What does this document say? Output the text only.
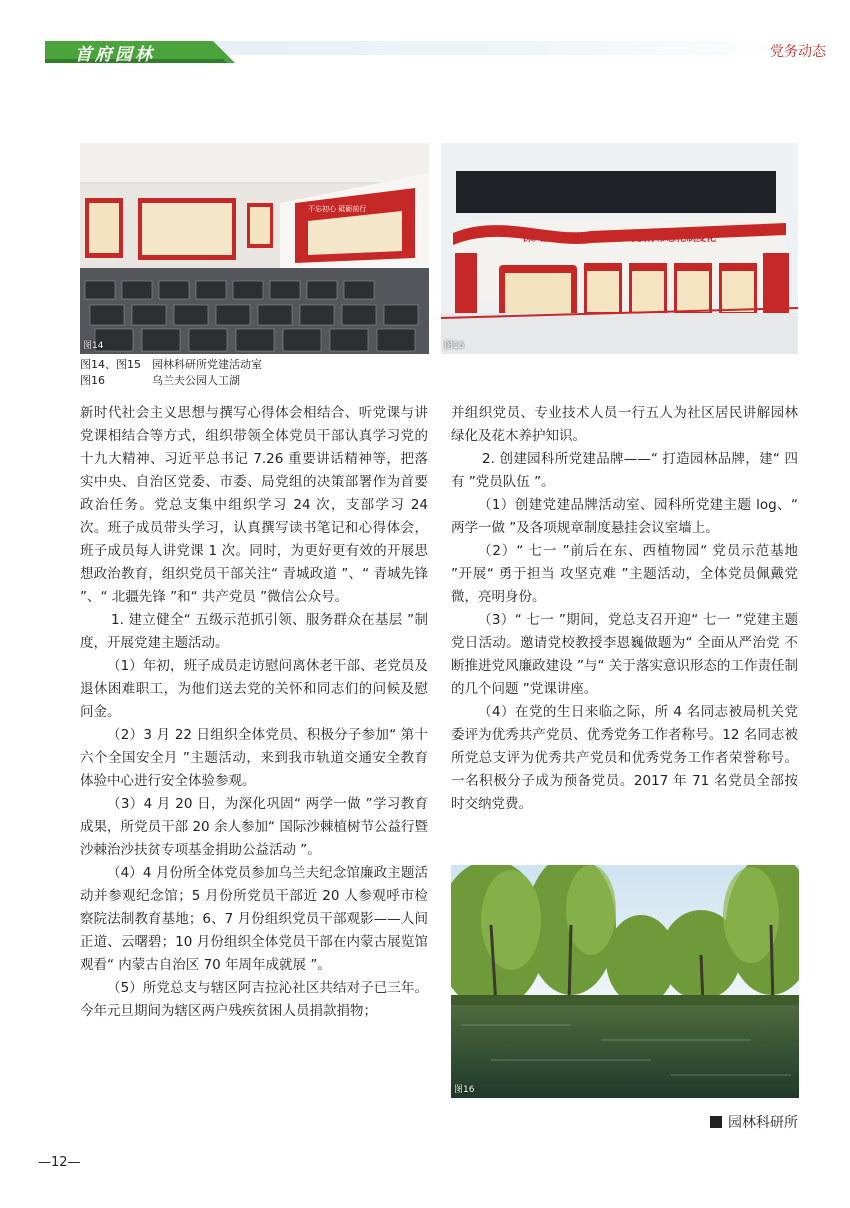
首府园林	党务动态
不忘初心 砥砺前行
图14
深入推进“两学一做”学习教育常态化制度化
图15
图14、图15 园林科研所党建活动室
图16	乌兰夫公园人工湖

新时代社会主义思想与撰写心得体会相结合、听党课与讲党课相结合等方式，组织带领全体党员干部认真学习党的十九大精神、习近平总书记 7.26 重要讲话精神等，把落实中央、自治区党委、市委、局党组的决策部署作为首要政治任务。党总支集中组织学习 24 次，支部学习 24 次。班子成员带头学习，认真撰写读书笔记和心得体会，班子成员每人讲党课 1 次。同时，为更好更有效的开展思想政治教育，组织党员干部关注“ 青城政道 ”、“ 青城先锋 ”、“ 北疆先锋 ”和“ 共产党员 ”微信公众号。

1. 建立健全“ 五级示范抓引领、服务群众在基层 ”制度，开展党建主题活动。

（1）年初，班子成员走访慰问离休老干部、老党员及退休困难职工，为他们送去党的关怀和同志们的问候及慰问金。

（2）3 月 22 日组织全体党员、积极分子参加“ 第十六个全国安全月 ”主题活动，来到我市轨道交通安全教育体验中心进行安全体验参观。

（3）4 月 20 日，为深化巩固“ 两学一做 ”学习教育成果，所党员干部 20 余人参加“ 国际沙棘植树节公益行暨沙棘治沙扶贫专项基金捐助公益活动 ”。

（4）4 月份所全体党员参加乌兰夫纪念馆廉政主题活动并参观纪念馆；5 月份所党员干部近 20 人参观呼市检察院法制教育基地；6、7 月份组织党员干部观影——人间正道、云曙碧；10 月份组织全体党员干部在内蒙古展览馆观看“ 内蒙古自治区 70 年周年成就展 ”。

（5）所党总支与辖区阿吉拉沁社区共结对子已三年。今年元旦期间为辖区两户残疾贫困人员捐款捐物；

并组织党员、专业技术人员一行五人为社区居民讲解园林绿化及花木养护知识。

2. 创建园科所党建品牌——“ 打造园林品牌，建“ 四有 ”党员队伍 ”。

（1）创建党建品牌活动室、园科所党建主题 log、“ 两学一做 ”及各项规章制度悬挂会议室墙上。

（2）“ 七一 ”前后在东、西植物园“ 党员示范基地 ”开展“ 勇于担当 攻坚克难 ”主题活动，全体党员佩戴党微，亮明身份。

（3）“ 七一 ”期间，党总支召开迎“ 七一 ”党建主题党日活动。邀请党校教授李恩巍做题为“ 全面从严治党 不断推进党风廉政建设 ”与“ 关于落实意识形态的工作责任制的几个问题 ”党课讲座。

（4）在党的生日来临之际，所 4 名同志被局机关党委评为优秀共产党员、优秀党务工作者称号。12 名同志被所党总支评为优秀共产党员和优秀党务工作者荣誉称号。一名积极分子成为预备党员。2017 年 71 名党员全部按时交纳党费。

图16
园林科研所
—12—
